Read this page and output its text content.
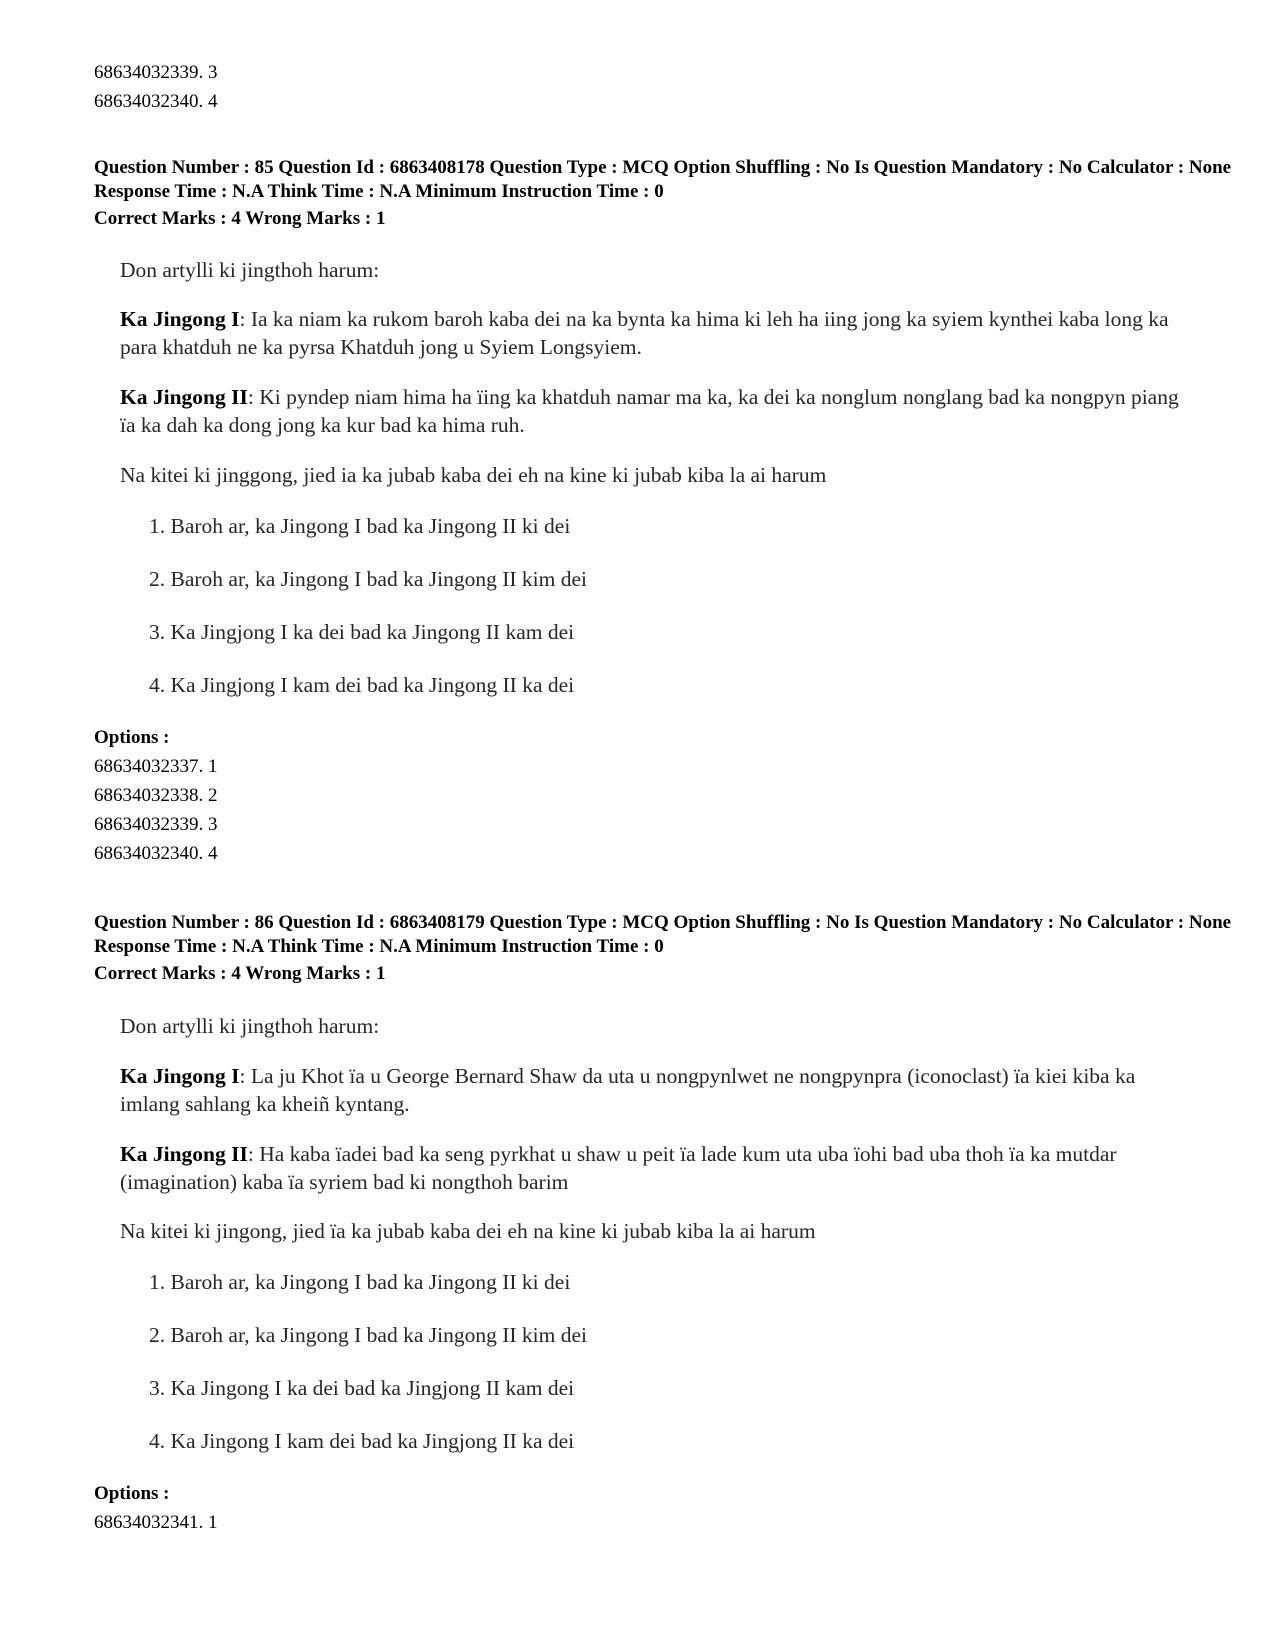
68634032339. 3
68634032340. 4
Question Number : 85 Question Id : 6863408178 Question Type : MCQ Option Shuffling : No Is Question Mandatory : No Calculator : None Response Time : N.A Think Time : N.A Minimum Instruction Time : 0
Correct Marks : 4 Wrong Marks : 1
Don artylli ki jingthoh harum:
Ka Jingong I: Ia ka niam ka rukom baroh kaba dei na ka bynta ka hima ki leh ha iing jong ka syiem kynthei kaba long ka para khatduh ne ka pyrsa Khatduh jong u Syiem Longsyiem.
Ka Jingong II: Ki pyndep niam hima ha ïing ka khatduh namar ma ka, ka dei ka nonglum nonglang bad ka nongpyn piang ïa ka dah ka dong jong ka kur bad ka hima ruh.
Na kitei ki jinggong, jied ia ka jubab kaba dei eh na kine ki jubab kiba la ai harum
1. Baroh ar, ka Jingong I bad ka Jingong II ki dei
2. Baroh ar, ka Jingong I bad ka Jingong II kim dei
3. Ka Jingjong I ka dei bad ka Jingong II kam dei
4. Ka Jingjong I kam dei bad ka Jingong II ka dei
Options :
68634032337. 1
68634032338. 2
68634032339. 3
68634032340. 4
Question Number : 86 Question Id : 6863408179 Question Type : MCQ Option Shuffling : No Is Question Mandatory : No Calculator : None Response Time : N.A Think Time : N.A Minimum Instruction Time : 0
Correct Marks : 4 Wrong Marks : 1
Don artylli ki jingthoh harum:
Ka Jingong I: La ju Khot ïa u George Bernard Shaw da uta u nongpynlwet ne nongpynpra (iconoclast) ïa kiei kiba ka imlang sahlang ka kheiñ kyntang.
Ka Jingong II: Ha kaba ïadei bad ka seng pyrkhat u shaw u peit ïa lade kum uta uba ïohi bad uba thoh ïa ka mutdar (imagination) kaba ïa syriem bad ki nongthoh barim
Na kitei ki jingong, jied ïa ka jubab kaba dei eh na kine ki jubab kiba la ai harum
1. Baroh ar, ka Jingong I bad ka Jingong II ki dei
2. Baroh ar, ka Jingong I bad ka Jingong II kim dei
3. Ka Jingong I ka dei bad ka Jingjong II kam dei
4. Ka Jingong I kam dei bad ka Jingjong II ka dei
Options :
68634032341. 1
